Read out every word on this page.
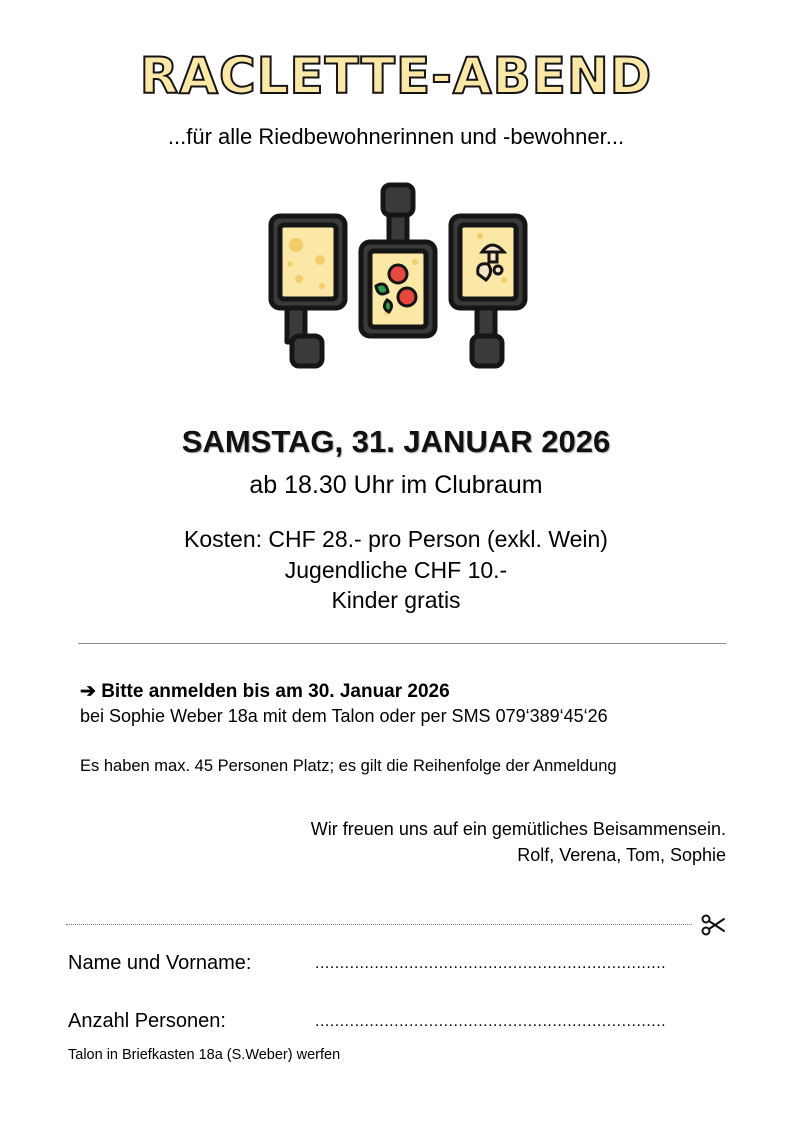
RACLETTE-ABEND
...für alle Riedbewohnerinnen und -bewohner...
SAMSTAG, 31. JANUAR 2026
ab 18.30 Uhr im Clubraum
Kosten: CHF 28.- pro Person (exkl. Wein)
Jugendliche CHF 10.-
Kinder gratis
➔ Bitte anmelden bis am 30. Januar 2026
bei Sophie Weber 18a mit dem Talon oder per SMS 079‘389‘45‘26
Es haben max. 45 Personen Platz; es gilt die Reihenfolge der Anmeldung
Wir freuen uns auf ein gemütliches Beisammensein.
Rolf, Verena, Tom, Sophie
Name und Vorname:	.......................................................................
Anzahl Personen:	.......................................................................
Talon in Briefkasten 18a (S.Weber) werfen
